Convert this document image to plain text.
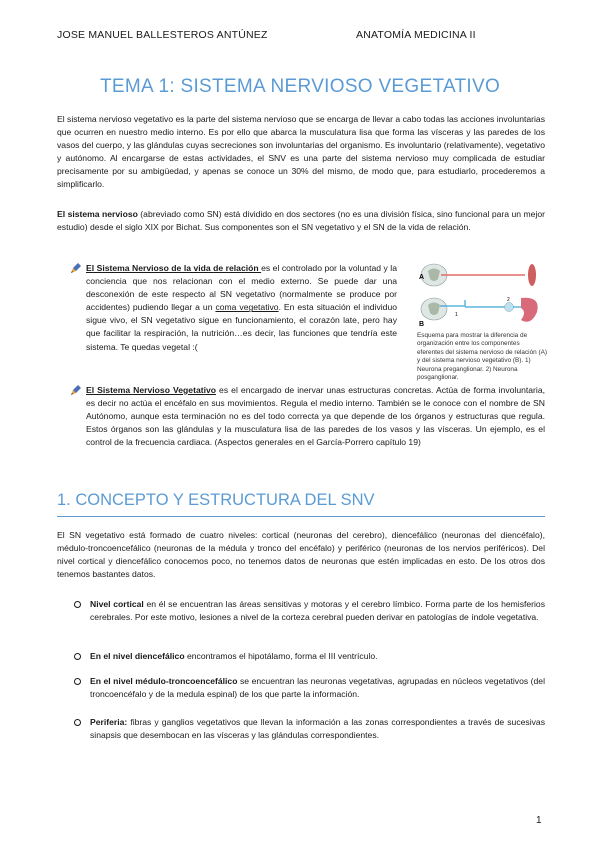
JOSE MANUEL BALLESTEROS ANTÚNEZ	ANATOMÍA MEDICINA II
TEMA 1: SISTEMA NERVIOSO VEGETATIVO
El sistema nervioso vegetativo es la parte del sistema nervioso que se encarga de llevar a cabo todas las acciones involuntarias que ocurren en nuestro medio interno. Es por ello que abarca la musculatura lisa que forma las vísceras y las paredes de los vasos del cuerpo, y las glándulas cuyas secreciones son involuntarias del organismo. Es involuntario (relativamente), vegetativo y autónomo. Al encargarse de estas actividades, el SNV es una parte del sistema nervioso muy complicada de estudiar precisamente por su ambigüedad, y apenas se conoce un 30% del mismo, de modo que, para estudiarlo, procederemos a simplificarlo.
El sistema nervioso (abreviado como SN) está dividido en dos sectores (no es una división física, sino funcional para un mejor estudio) desde el siglo XIX por Bichat. Sus componentes son el SN vegetativo y el SN de la vida de relación.
El Sistema Nervioso de la vida de relación es el controlado por la voluntad y la conciencia que nos relacionan con el medio externo. Se puede dar una desconexión de este respecto al SN vegetativo (normalmente se produce por accidentes) pudiendo llegar a un coma vegetativo. En esta situación el individuo sigue vivo, el SN vegetativo sigue en funcionamiento, el corazón late, pero hay que facilitar la respiración, la nutrición…es decir, las funciones que tendría este sistema. Te quedas vegetal :(
A
B
1
2
Esquema para mostrar la diferencia de organización entre los componentes eferentes del sistema nervioso de relación (A) y del sistema nervioso vegetativo (B). 1) Neurona preganglionar. 2) Neurona posganglionar.
El Sistema Nervioso Vegetativo es el encargado de inervar unas estructuras concretas. Actúa de forma involuntaria, es decir no actúa el encéfalo en sus movimientos. Regula el medio interno. También se le conoce con el nombre de SN Autónomo, aunque esta terminación no es del todo correcta ya que depende de los órganos y estructuras que regula. Estos órganos son las glándulas y la musculatura lisa de las paredes de los vasos y las vísceras. Un ejemplo, es el control de la frecuencia cardiaca. (Aspectos generales en el García-Porrero capítulo 19)
1. CONCEPTO Y ESTRUCTURA DEL SNV
El SN vegetativo está formado de cuatro niveles: cortical (neuronas del cerebro), diencefálico (neuronas del diencéfalo), médulo-troncoencefálico (neuronas de la médula y tronco del encéfalo) y periférico (neuronas de los nervios periféricos). Del nivel cortical y diencefálico conocemos poco, no tenemos datos de neuronas que estén implicadas en esto. De los otros dos tenemos bastantes datos.
Nivel cortical en él se encuentran las áreas sensitivas y motoras y el cerebro límbico. Forma parte de los hemisferios cerebrales. Por este motivo, lesiones a nivel de la corteza cerebral pueden derivar en patologías de índole vegetativa.
En el nivel diencefálico encontramos el hipotálamo, forma el III ventrículo.
En el nivel médulo-troncoencefálico se encuentran las neuronas vegetativas, agrupadas en núcleos vegetativos (del troncoencéfalo y de la medula espinal) de los que parte la información.
Periferia: fibras y ganglios vegetativos que llevan la información a las zonas correspondientes a través de sucesivas sinapsis que desembocan en las vísceras y las glándulas correspondientes.
1
